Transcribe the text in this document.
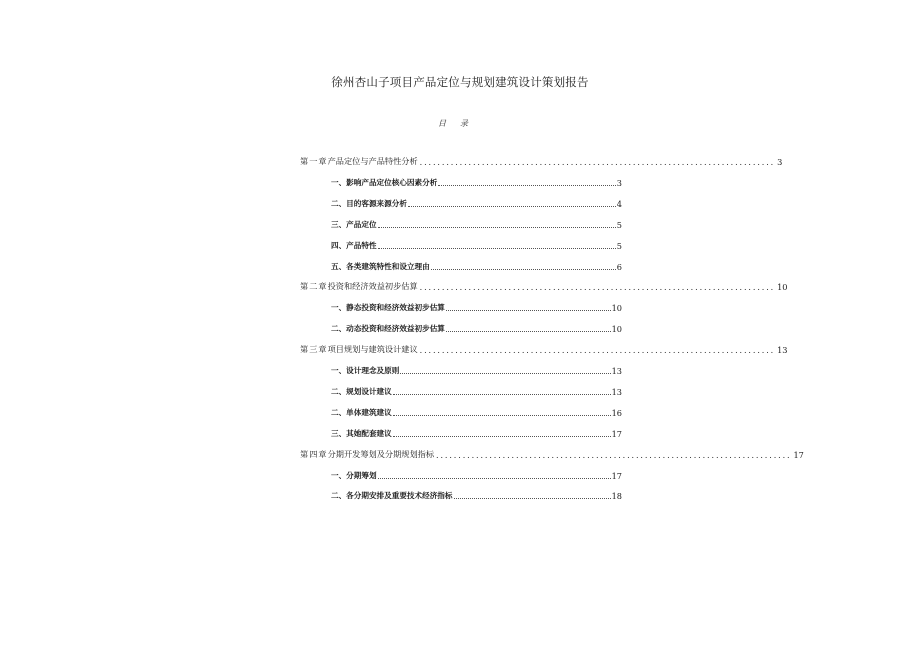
徐州杏山子项目产品定位与规划建筑设计策划报告
目录
第一章 产品定位与产品特性分析 ................................................................................ 3
一、影响产品定位核心因素分析	3
二、目的客源来源分析	4
三、产品定位	5
四、产品特性	5
五、各类建筑特性和设立理由	6
第二章 投资和经济效益初步估算 ................................................................................ 10
一、静态投资和经济效益初步估算	10
二、动态投资和经济效益初步估算	10
第三章 项目规划与建筑设计建议 ................................................................................ 13
一、设计理念及原则	13
二、规划设计建议	13
二、单体建筑建议	16
三、其她配套建议	17
第四章 分期开发筹划及分期规划指标 ................................................................................ 17
一、分期筹划	17
二、各分期安排及重要技术经济指标	18
